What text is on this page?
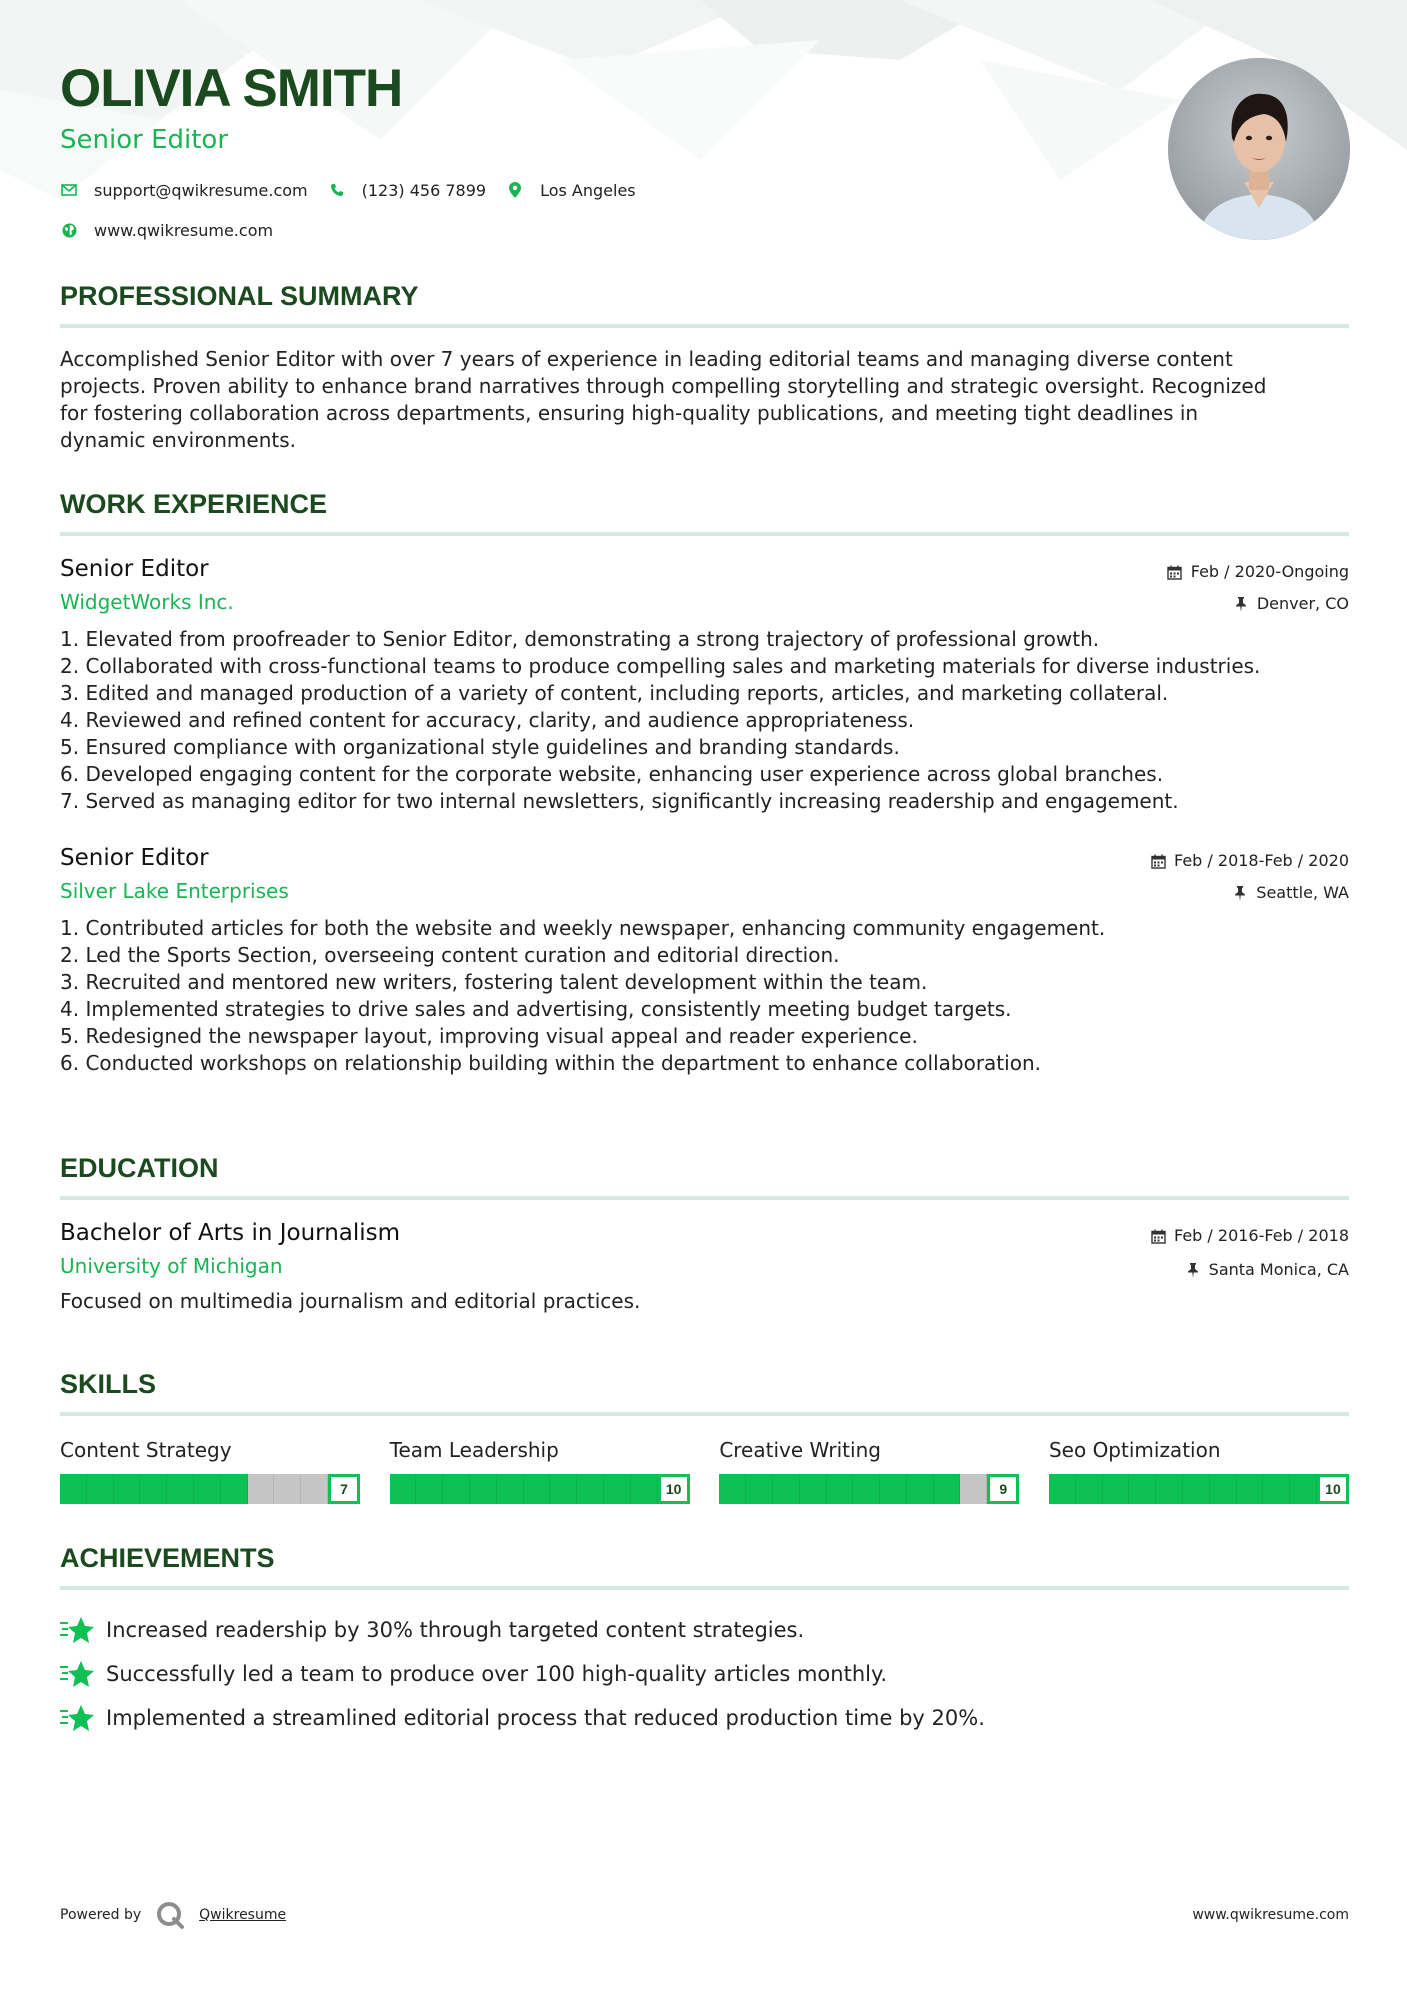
OLIVIA SMITH
Senior Editor
support@qwikresume.com	(123) 456 7899	Los Angeles
www.qwikresume.com
PROFESSIONAL SUMMARY
Accomplished Senior Editor with over 7 years of experience in leading editorial teams and managing diverse content
projects. Proven ability to enhance brand narratives through compelling storytelling and strategic oversight. Recognized
for fostering collaboration across departments, ensuring high-quality publications, and meeting tight deadlines in
dynamic environments.
WORK EXPERIENCE
Senior Editor
WidgetWorks Inc.
Feb / 2020-Ongoing
Denver, CO
1. Elevated from proofreader to Senior Editor, demonstrating a strong trajectory of professional growth.
2. Collaborated with cross-functional teams to produce compelling sales and marketing materials for diverse industries.
3. Edited and managed production of a variety of content, including reports, articles, and marketing collateral.
4. Reviewed and refined content for accuracy, clarity, and audience appropriateness.
5. Ensured compliance with organizational style guidelines and branding standards.
6. Developed engaging content for the corporate website, enhancing user experience across global branches.
7. Served as managing editor for two internal newsletters, significantly increasing readership and engagement.
Senior Editor
Silver Lake Enterprises
Feb / 2018-Feb / 2020
Seattle, WA
1. Contributed articles for both the website and weekly newspaper, enhancing community engagement.
2. Led the Sports Section, overseeing content curation and editorial direction.
3. Recruited and mentored new writers, fostering talent development within the team.
4. Implemented strategies to drive sales and advertising, consistently meeting budget targets.
5. Redesigned the newspaper layout, improving visual appeal and reader experience.
6. Conducted workshops on relationship building within the department to enhance collaboration.
EDUCATION
Bachelor of Arts in Journalism
University of Michigan
Feb / 2016-Feb / 2018
Santa Monica, CA
Focused on multimedia journalism and editorial practices.
SKILLS
Content Strategy
7
Team Leadership
10
Creative Writing
9
Seo Optimization
10
ACHIEVEMENTS
Increased readership by 30% through targeted content strategies.
Successfully led a team to produce over 100 high-quality articles monthly.
Implemented a streamlined editorial process that reduced production time by 20%.
Powered by	Qwikresume	www.qwikresume.com
